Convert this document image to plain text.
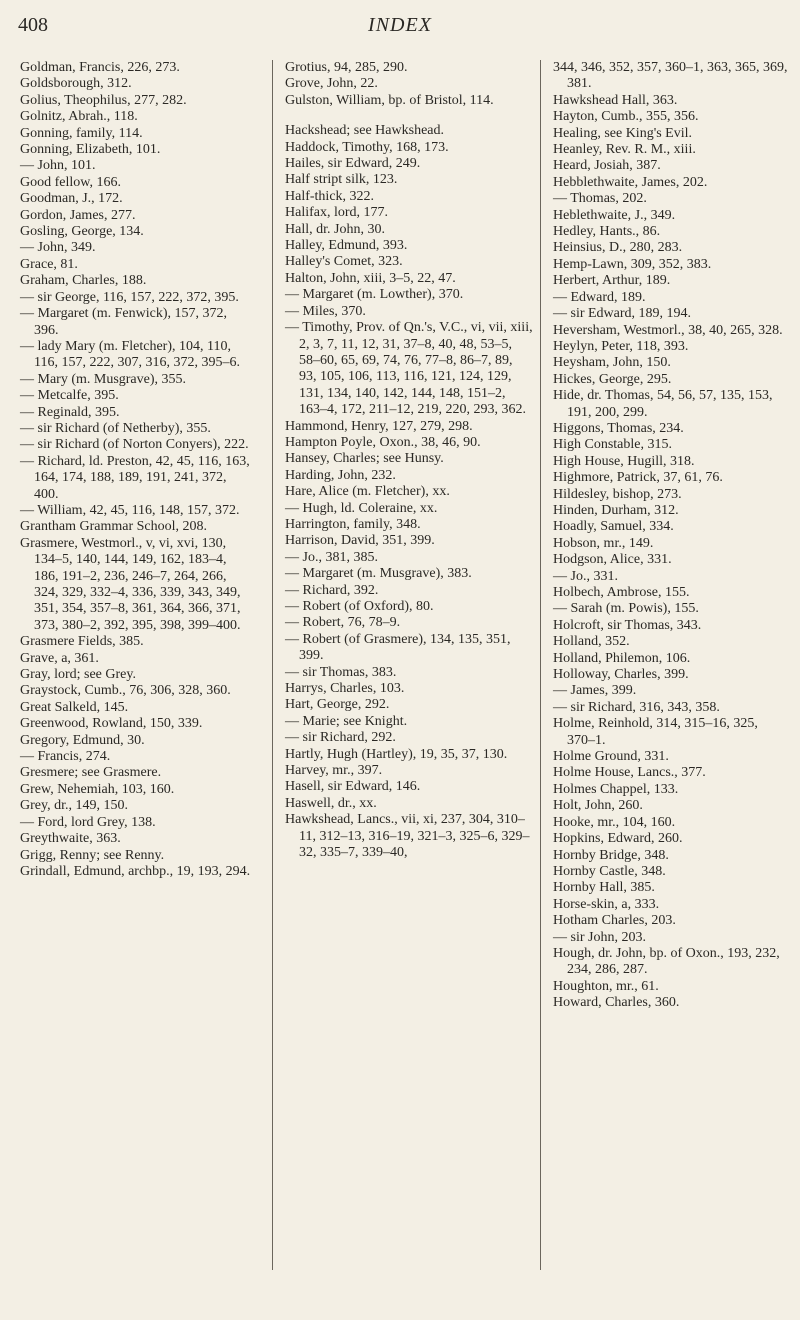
408	INDEX

Goldman, Francis, 226, 273.

Goldsborough, 312.

Golius, Theophilus, 277, 282.

Golnitz, Abrah., 118.

Gonning, family, 114.

Gonning, Elizabeth, 101.

— John, 101.

Good fellow, 166.

Goodman, J., 172.

Gordon, James, 277.

Gosling, George, 134.

— John, 349.

Grace, 81.

Graham, Charles, 188.

— sir George, 116, 157, 222, 372, 395.

— Margaret (m. Fenwick), 157, 372, 396.

— lady Mary (m. Fletcher), 104, 110, 116, 157, 222, 307, 316, 372, 395–6.

— Mary (m. Musgrave), 355.

— Metcalfe, 395.

— Reginald, 395.

— sir Richard (of Netherby), 355.

— sir Richard (of Norton Conyers), 222.

— Richard, ld. Preston, 42, 45, 116, 163, 164, 174, 188, 189, 191, 241, 372, 400.

— William, 42, 45, 116, 148, 157, 372.

Grantham Grammar School, 208.

Grasmere, Westmorl., v, vi, xvi, 130, 134–5, 140, 144, 149, 162, 183–4, 186, 191–2, 236, 246–7, 264, 266, 324, 329, 332–4, 336, 339, 343, 349, 351, 354, 357–8, 361, 364, 366, 371, 373, 380–2, 392, 395, 398, 399–400.

Grasmere Fields, 385.

Grave, a, 361.

Gray, lord; see Grey.

Graystock, Cumb., 76, 306, 328, 360.

Great Salkeld, 145.

Greenwood, Rowland, 150, 339.

Gregory, Edmund, 30.

— Francis, 274.

Gresmere; see Grasmere.

Grew, Nehemiah, 103, 160.

Grey, dr., 149, 150.

— Ford, lord Grey, 138.

Greythwaite, 363.

Grigg, Renny; see Renny.

Grindall, Edmund, archbp., 19, 193, 294.

Grotius, 94, 285, 290.

Grove, John, 22.

Gulston, William, bp. of Bristol, 114.

Hackshead; see Hawkshead.

Haddock, Timothy, 168, 173.

Hailes, sir Edward, 249.

Half stript silk, 123.

Half-thick, 322.

Halifax, lord, 177.

Hall, dr. John, 30.

Halley, Edmund, 393.

Halley's Comet, 323.

Halton, John, xiii, 3–5, 22, 47.

— Margaret (m. Lowther), 370.

— Miles, 370.

— Timothy, Prov. of Qn.'s, V.C., vi, vii, xiii, 2, 3, 7, 11, 12, 31, 37–8, 40, 48, 53–5, 58–60, 65, 69, 74, 76, 77–8, 86–7, 89, 93, 105, 106, 113, 116, 121, 124, 129, 131, 134, 140, 142, 144, 148, 151–2, 163–4, 172, 211–12, 219, 220, 293, 362.

Hammond, Henry, 127, 279, 298.

Hampton Poyle, Oxon., 38, 46, 90.

Hansey, Charles; see Hunsy.

Harding, John, 232.

Hare, Alice (m. Fletcher), xx.

— Hugh, ld. Coleraine, xx.

Harrington, family, 348.

Harrison, David, 351, 399.

— Jo., 381, 385.

— Margaret (m. Musgrave), 383.

— Richard, 392.

— Robert (of Oxford), 80.

— Robert, 76, 78–9.

— Robert (of Grasmere), 134, 135, 351, 399.

— sir Thomas, 383.

Harrys, Charles, 103.

Hart, George, 292.

— Marie; see Knight.

— sir Richard, 292.

Hartly, Hugh (Hartley), 19, 35, 37, 130.

Harvey, mr., 397.

Hasell, sir Edward, 146.

Haswell, dr., xx.

Hawkshead, Lancs., vii, xi, 237, 304, 310–11, 312–13, 316–19, 321–3, 325–6, 329–32, 335–7, 339–40,

344, 346, 352, 357, 360–1, 363, 365, 369, 381.

Hawkshead Hall, 363.

Hayton, Cumb., 355, 356.

Healing, see King's Evil.

Heanley, Rev. R. M., xiii.

Heard, Josiah, 387.

Hebblethwaite, James, 202.

— Thomas, 202.

Heblethwaite, J., 349.

Hedley, Hants., 86.

Heinsius, D., 280, 283.

Hemp-Lawn, 309, 352, 383.

Herbert, Arthur, 189.

— Edward, 189.

— sir Edward, 189, 194.

Heversham, Westmorl., 38, 40, 265, 328.

Heylyn, Peter, 118, 393.

Heysham, John, 150.

Hickes, George, 295.

Hide, dr. Thomas, 54, 56, 57, 135, 153, 191, 200, 299.

Higgons, Thomas, 234.

High Constable, 315.

High House, Hugill, 318.

Highmore, Patrick, 37, 61, 76.

Hildesley, bishop, 273.

Hinden, Durham, 312.

Hoadly, Samuel, 334.

Hobson, mr., 149.

Hodgson, Alice, 331.

— Jo., 331.

Holbech, Ambrose, 155.

— Sarah (m. Powis), 155.

Holcroft, sir Thomas, 343.

Holland, 352.

Holland, Philemon, 106.

Holloway, Charles, 399.

— James, 399.

— sir Richard, 316, 343, 358.

Holme, Reinhold, 314, 315–16, 325, 370–1.

Holme Ground, 331.

Holme House, Lancs., 377.

Holmes Chappel, 133.

Holt, John, 260.

Hooke, mr., 104, 160.

Hopkins, Edward, 260.

Hornby Bridge, 348.

Hornby Castle, 348.

Hornby Hall, 385.

Horse-skin, a, 333.

Hotham Charles, 203.

— sir John, 203.

Hough, dr. John, bp. of Oxon., 193, 232, 234, 286, 287.

Houghton, mr., 61.

Howard, Charles, 360.
